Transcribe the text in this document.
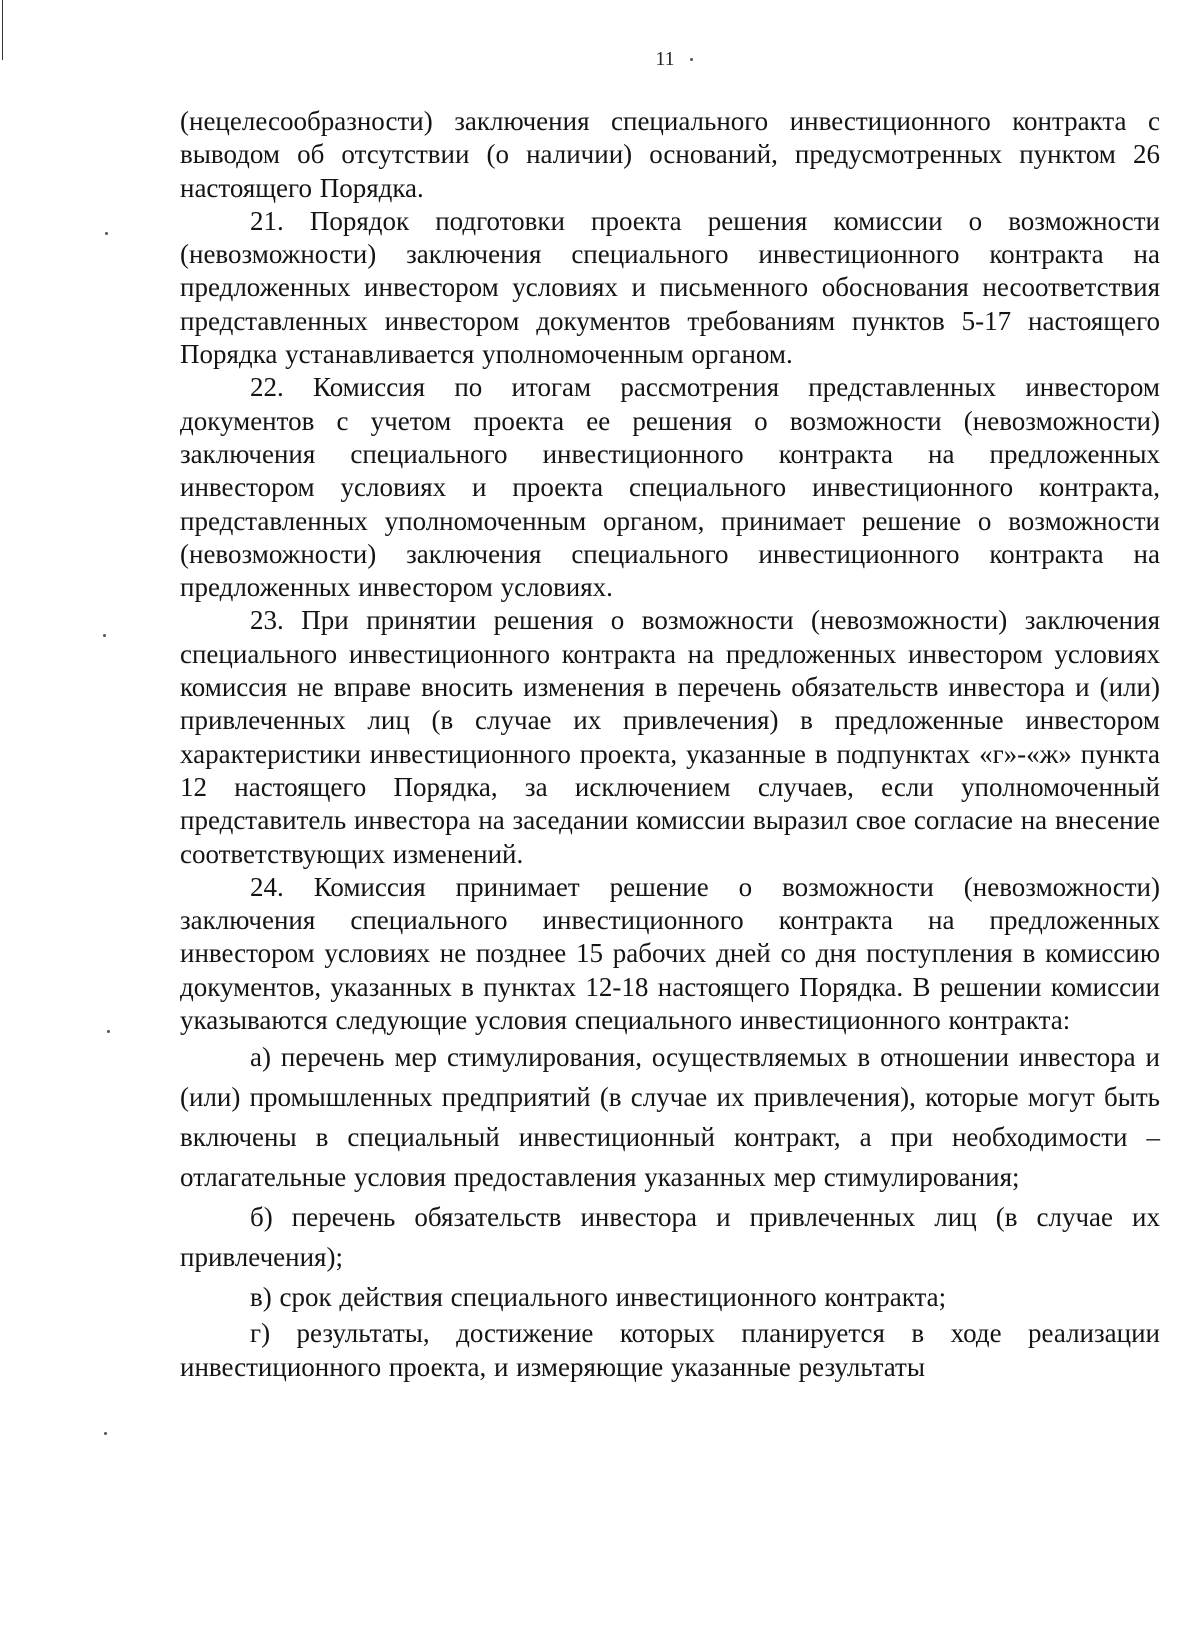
11

(нецелесообразности) заключения специального инвестиционного контракта с выводом об отсутствии (о наличии) оснований, предусмотренных пунктом 26 настоящего Порядка.

21. Порядок подготовки проекта решения комиссии о возможности (невозможности) заключения специального инвестиционного контракта на предложенных инвестором условиях и письменного обоснования несоответствия представленных инвестором документов требованиям пунктов 5-17 настоящего Порядка устанавливается уполномоченным органом.

22. Комиссия по итогам рассмотрения представленных инвестором документов с учетом проекта ее решения о возможности (невозможности) заключения специального инвестиционного контракта на предложенных инвестором условиях и проекта специального инвестиционного контракта, представленных уполномоченным органом, принимает решение о возможности (невозможности) заключения специального инвестиционного контракта на предложенных инвестором условиях.

23. При принятии решения о возможности (невозможности) заключения специального инвестиционного контракта на предложенных инвестором условиях комиссия не вправе вносить изменения в перечень обязательств инвестора и (или) привлеченных лиц (в случае их привлечения) в предложенные инвестором характеристики инвестиционного проекта, указанные в подпунктах «г»-«ж» пункта 12 настоящего Порядка, за исключением случаев, если уполномоченный представитель инвестора на заседании комиссии выразил свое согласие на внесение соответствующих изменений.

24. Комиссия принимает решение о возможности (невозможности) заключения специального инвестиционного контракта на предложенных инвестором условиях не позднее 15 рабочих дней со дня поступления в комиссию документов, указанных в пунктах 12-18 настоящего Порядка. В решении комиссии указываются следующие условия специального инвестиционного контракта:

а) перечень мер стимулирования, осуществляемых в отношении инвестора и (или) промышленных предприятий (в случае их привлечения), которые могут быть включены в специальный инвестиционный контракт, а при необходимости – отлагательные условия предоставления указанных мер стимулирования;

б) перечень обязательств инвестора и привлеченных лиц (в случае их привлечения);

в) срок действия специального инвестиционного контракта;

г) результаты, достижение которых планируется в ходе реализации инвестиционного проекта, и измеряющие указанные результаты
